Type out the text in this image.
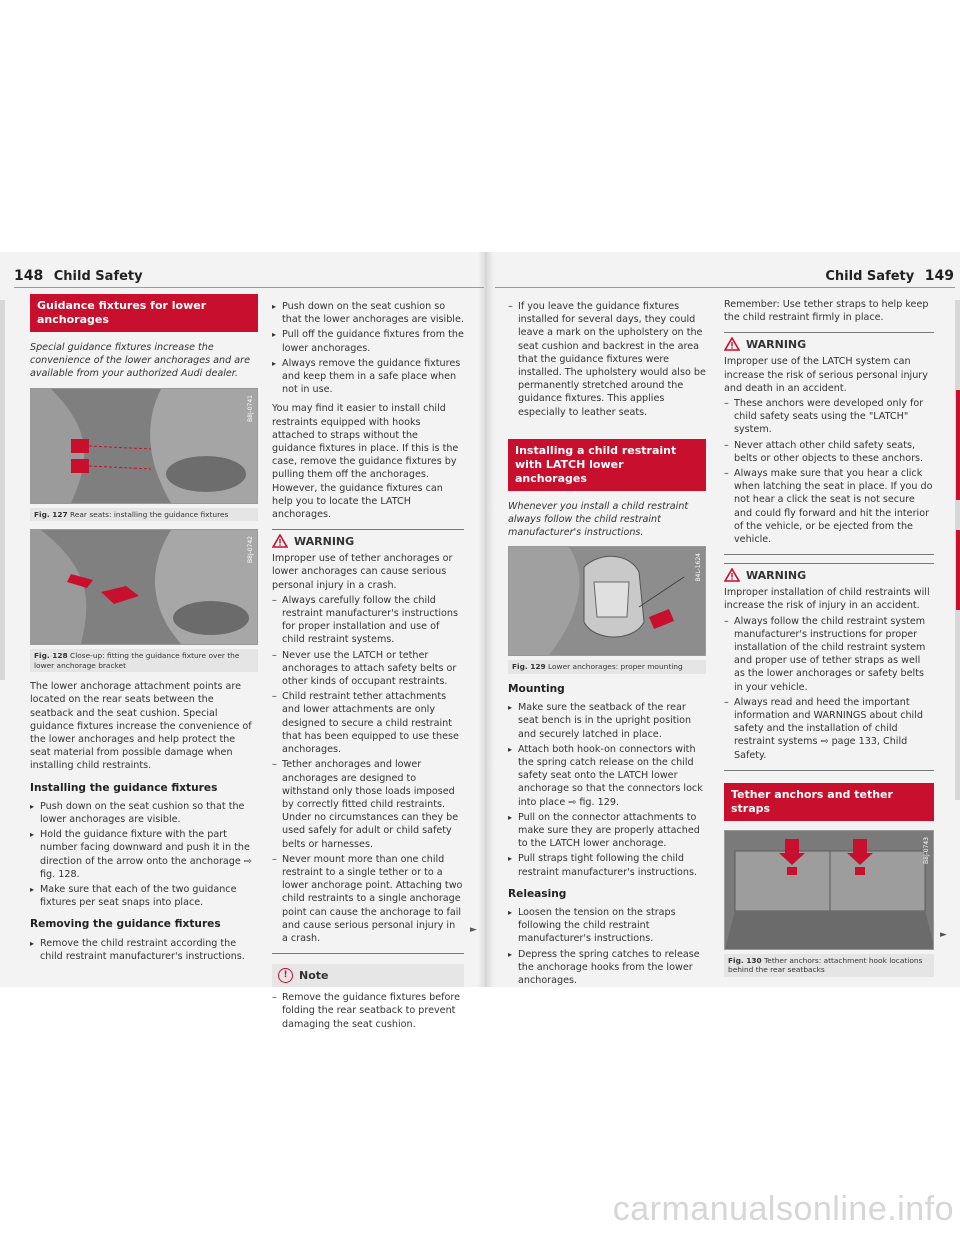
148 Child Safety	Child Safety 149
Guidance fixtures for lower anchorages

Special guidance fixtures increase the convenience of the lower anchorages and are available from your authorized Audi dealer.

B8J-0741
Fig. 127 Rear seats: installing the guidance fixtures
B8J-0742
Fig. 128 Close-up: fitting the guidance fixture over the lower anchorage bracket

The lower anchorage attachment points are located on the rear seats between the seatback and the seat cushion. Special guidance fixtures increase the convenience of the lower anchorages and help protect the seat material from possible damage when installing child restraints.

Installing the guidance fixtures
▸ Push down on the seat cushion so that the lower anchorages are visible.
▸ Hold the guidance fixture with the part number facing downward and push it in the direction of the arrow onto the anchorage ⇨ fig. 128.
▸ Make sure that each of the two guidance fixtures per seat snaps into place.
Removing the guidance fixtures
▸ Remove the child restraint according the child restraint manufacturer's instructions.
▸ Push down on the seat cushion so that the lower anchorages are visible.
▸ Pull off the guidance fixtures from the lower anchorages.
▸ Always remove the guidance fixtures and keep them in a safe place when not in use.

You may find it easier to install child restraints equipped with hooks attached to straps without the guidance fixtures in place. If this is the case, remove the guidance fixtures by pulling them off the anchorages. However, the guidance fixtures can help you to locate the LATCH anchorages.

WARNING

Improper use of tether anchorages or lower anchorages can cause serious personal injury in a crash.

– Always carefully follow the child restraint manufacturer's instructions for proper installation and use of child restraint systems.
– Never use the LATCH or tether anchorages to attach safety belts or other kinds of occupant restraints.
– Child restraint tether attachments and lower attachments are only designed to secure a child restraint that has been equipped to use these anchorages.
– Tether anchorages and lower anchorages are designed to withstand only those loads imposed by correctly fitted child restraints. Under no circumstances can they be used safely for adult or child safety belts or harnesses.
– Never mount more than one child restraint to a single tether or to a lower anchorage point. Attaching two child restraints to a single anchorage point can cause the anchorage to fail and cause serious personal injury in a crash.
!	Note
– Remove the guidance fixtures before folding the rear seatback to prevent damaging the seat cushion.
►
– If you leave the guidance fixtures installed for several days, they could leave a mark on the upholstery on the seat cushion and backrest in the area that the guidance fixtures were installed. The upholstery would also be permanently stretched around the guidance fixtures. This applies especially to leather seats.
Installing a child restraint with LATCH lower anchorages

Whenever you install a child restraint always follow the child restraint manufacturer's instructions.

B4L-1624
Fig. 129 Lower anchorages: proper mounting
Mounting
▸ Make sure the seatback of the rear seat bench is in the upright position and securely latched in place.
▸ Attach both hook-on connectors with the spring catch release on the child safety seat onto the LATCH lower anchorage so that the connectors lock into place ⇨ fig. 129.
▸ Pull on the connector attachments to make sure they are properly attached to the LATCH lower anchorage.
▸ Pull straps tight following the child restraint manufacturer's instructions.
Releasing
▸ Loosen the tension on the straps following the child restraint manufacturer's instructions.
▸ Depress the spring catches to release the anchorage hooks from the lower anchorages.

Remember: Use tether straps to help keep the child restraint firmly in place.

WARNING

Improper use of the LATCH system can increase the risk of serious personal injury and death in an accident.

– These anchors were developed only for child safety seats using the "LATCH" system.
– Never attach other child safety seats, belts or other objects to these anchors.
– Always make sure that you hear a click when latching the seat in place. If you do not hear a click the seat is not secure and could fly forward and hit the interior of the vehicle, or be ejected from the vehicle.
WARNING

Improper installation of child restraints will increase the risk of injury in an accident.

– Always follow the child restraint system manufacturer's instructions for proper installation of the child restraint system and proper use of tether straps as well as the lower anchorages or safety belts in your vehicle.
– Always read and heed the important information and WARNINGS about child safety and the installation of child restraint systems ⇨ page 133, Child Safety.
Tether anchors and tether straps
B8J-0743
Fig. 130 Tether anchors: attachment hook locations behind the rear seatbacks
►
carmanualsonline.info
